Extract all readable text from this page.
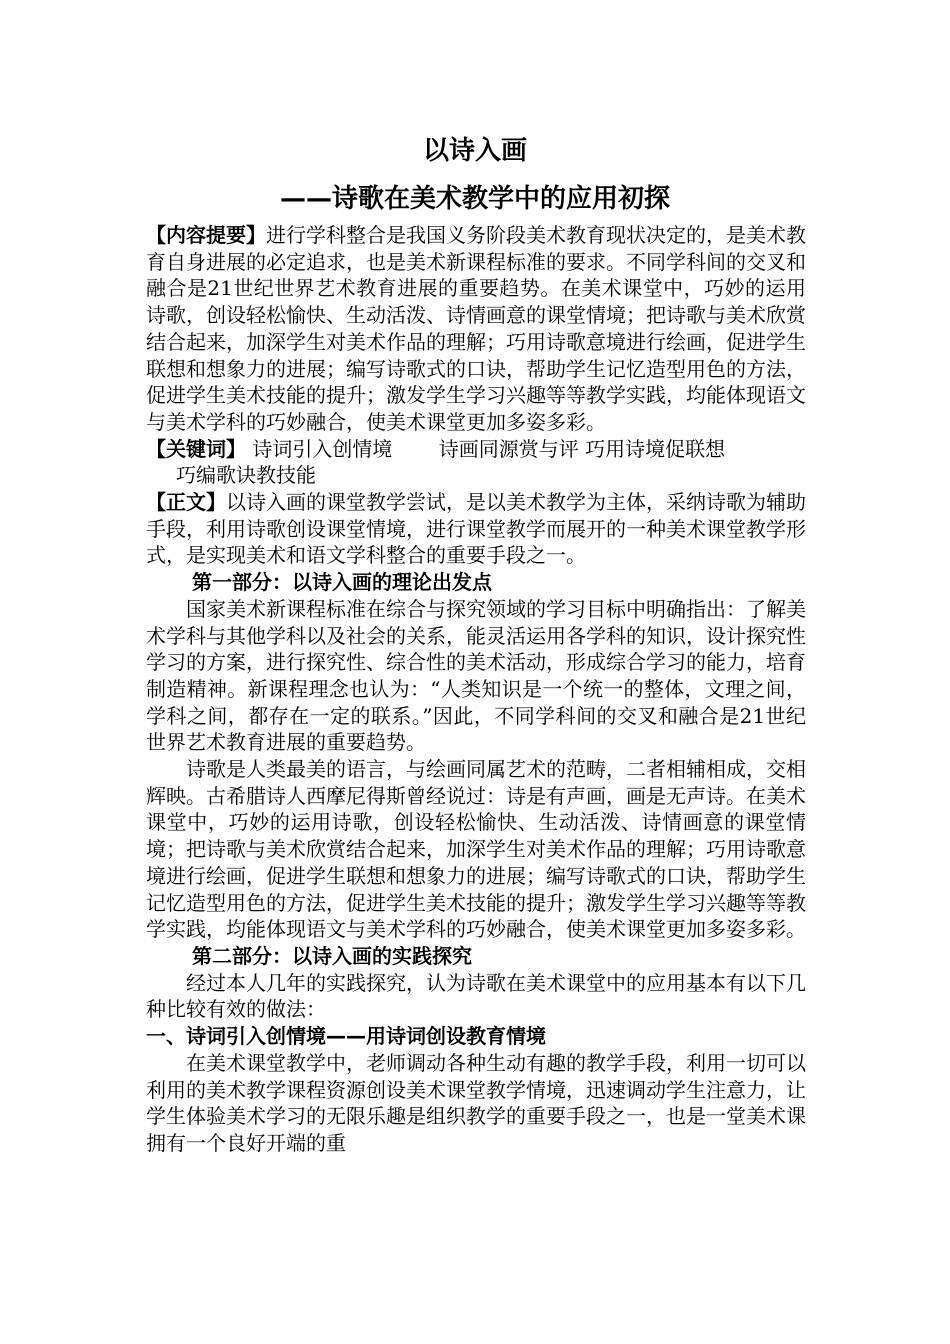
以诗入画
——诗歌在美术教学中的应用初探

【内容提要】进行学科整合是我国义务阶段美术教育现状决定的，是美术教育自身进展的必定追求，也是美术新课程标准的要求。不同学科间的交叉和融合是21世纪世界艺术教育进展的重要趋势。在美术课堂中，巧妙的运用诗歌，创设轻松愉快、生动活泼、诗情画意的课堂情境；把诗歌与美术欣赏结合起来，加深学生对美术作品的理解；巧用诗歌意境进行绘画，促进学生联想和想象力的进展；编写诗歌式的口诀，帮助学生记忆造型用色的方法，促进学生美术技能的提升；激发学生学习兴趣等等教学实践，均能体现语文与美术学科的巧妙融合，使美术课堂更加多姿多彩。

【关键词】 诗词引入创情境 诗画同源赏与评 巧用诗境促联想

巧编歌诀教技能

【正文】以诗入画的课堂教学尝试，是以美术教学为主体，采纳诗歌为辅助手段，利用诗歌创设课堂情境，进行课堂教学而展开的一种美术课堂教学形式，是实现美术和语文学科整合的重要手段之一。

第一部分：以诗入画的理论出发点

国家美术新课程标准在综合与探究领域的学习目标中明确指出：了解美术学科与其他学科以及社会的关系，能灵活运用各学科的知识，设计探究性学习的方案，进行探究性、综合性的美术活动，形成综合学习的能力，培育制造精神。新课程理念也认为：“人类知识是一个统一的整体，文理之间，学科之间，都存在一定的联系。”因此，不同学科间的交叉和融合是21世纪世界艺术教育进展的重要趋势。

诗歌是人类最美的语言，与绘画同属艺术的范畴，二者相辅相成，交相辉映。古希腊诗人西摩尼得斯曾经说过：诗是有声画，画是无声诗。在美术课堂中，巧妙的运用诗歌，创设轻松愉快、生动活泼、诗情画意的课堂情境；把诗歌与美术欣赏结合起来，加深学生对美术作品的理解；巧用诗歌意境进行绘画，促进学生联想和想象力的进展；编写诗歌式的口诀，帮助学生记忆造型用色的方法，促进学生美术技能的提升；激发学生学习兴趣等等教学实践，均能体现语文与美术学科的巧妙融合，使美术课堂更加多姿多彩。

第二部分：以诗入画的实践探究

经过本人几年的实践探究，认为诗歌在美术课堂中的应用基本有以下几种比较有效的做法：

一、诗词引入创情境——用诗词创设教育情境

在美术课堂教学中，老师调动各种生动有趣的教学手段，利用一切可以利用的美术教学课程资源创设美术课堂教学情境，迅速调动学生注意力，让学生体验美术学习的无限乐趣是组织教学的重要手段之一，也是一堂美术课拥有一个良好开端的重
